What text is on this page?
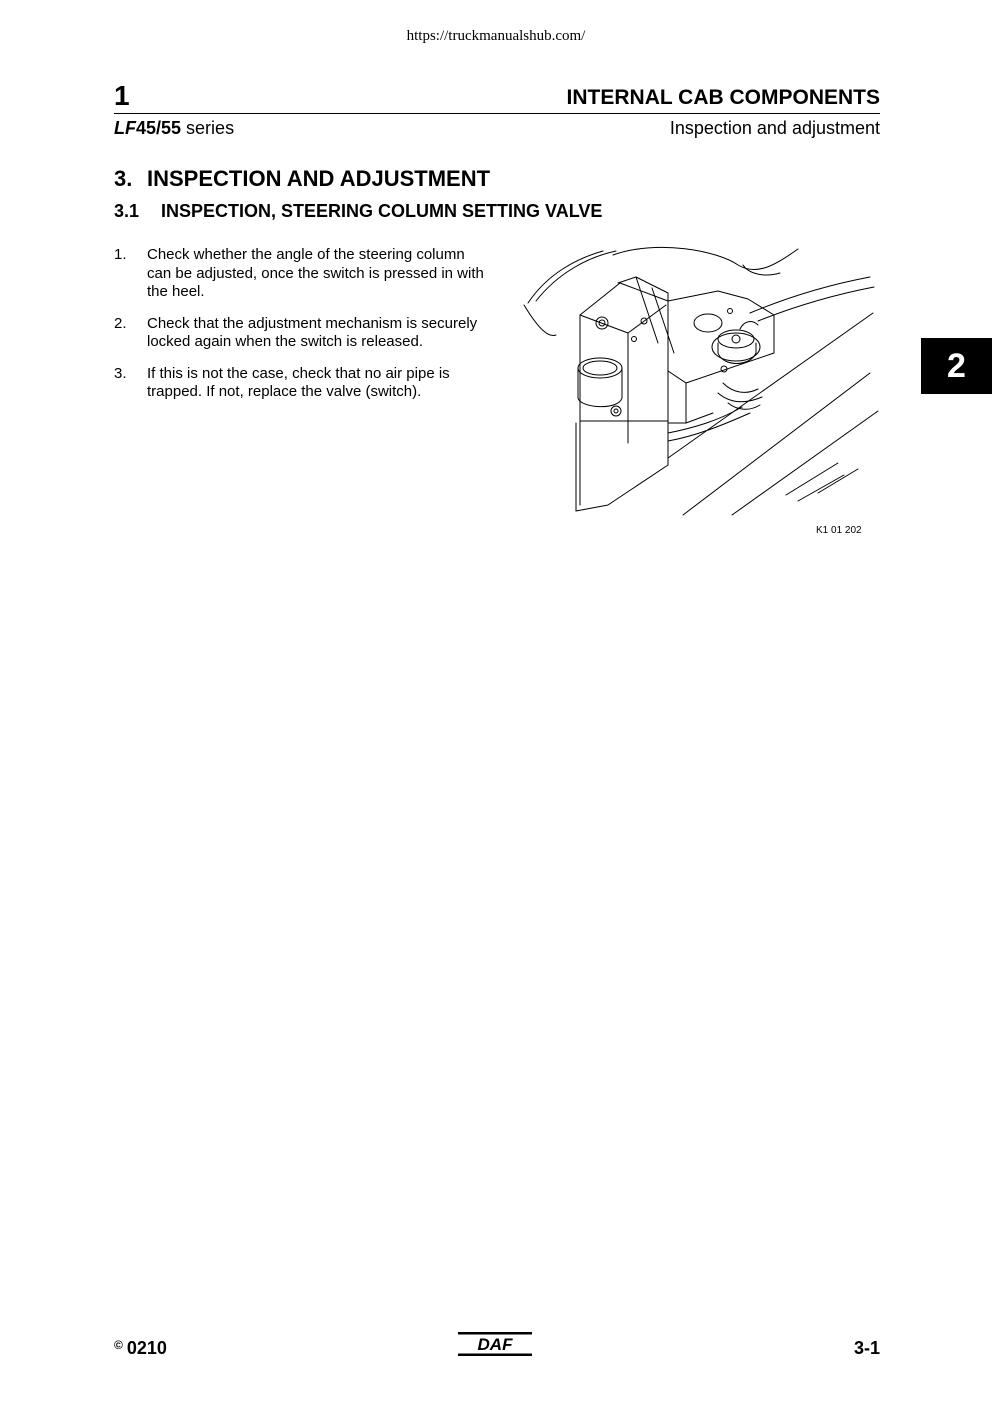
https://truckmanualshub.com/
1	INTERNAL CAB COMPONENTS
LF45/55 series	Inspection and adjustment
3. INSPECTION AND ADJUSTMENT
3.1 INSPECTION, STEERING COLUMN SETTING VALVE
1. Check whether the angle of the steering column can be adjusted, once the switch is pressed in with the heel.
2. Check that the adjustment mechanism is securely locked again when the switch is released.
3. If this is not the case, check that no air pipe is trapped. If not, replace the valve (switch).
K1 01 202
2
© 0210	DAF	3-1
